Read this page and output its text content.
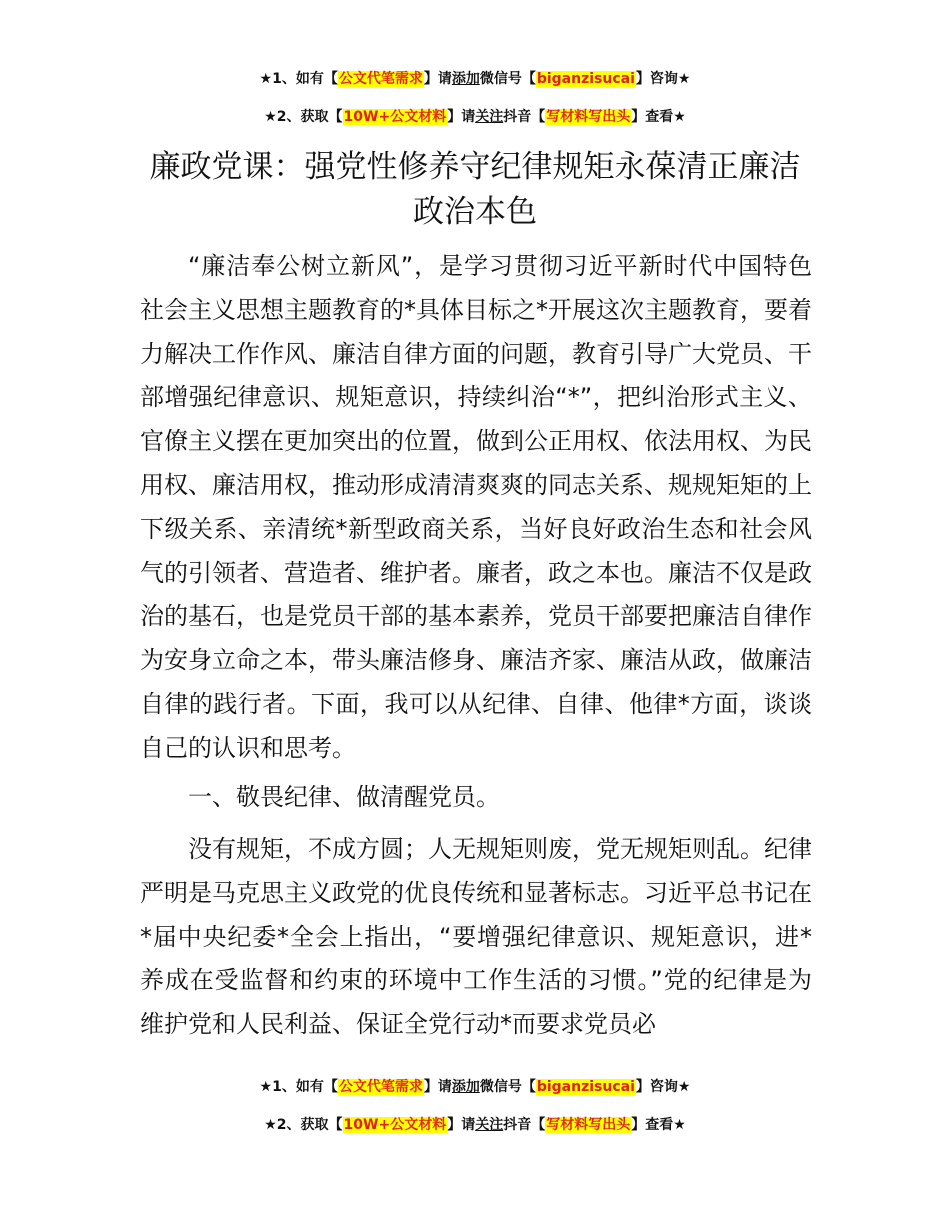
★1、如有【公文代笔需求】请添加微信号【biganzisucai】咨询★
★2、获取【10W+公文材料】请关注抖音【写材料写出头】查看★
廉政党课：强党性修养守纪律规矩永葆清正廉洁政治本色

“廉洁奉公树立新风”，是学习贯彻习近平新时代中国特色社会主义思想主题教育的*具体目标之*开展这次主题教育，要着力解决工作作风、廉洁自律方面的问题，教育引导广大党员、干部增强纪律意识、规矩意识，持续纠治“*”，把纠治形式主义、官僚主义摆在更加突出的位置，做到公正用权、依法用权、为民用权、廉洁用权，推动形成清清爽爽的同志关系、规规矩矩的上下级关系、亲清统*新型政商关系，当好良好政治生态和社会风气的引领者、营造者、维护者。廉者，政之本也。廉洁不仅是政治的基石，也是党员干部的基本素养，党员干部要把廉洁自律作为安身立命之本，带头廉洁修身、廉洁齐家、廉洁从政，做廉洁自律的践行者。下面，我可以从纪律、自律、他律*方面，谈谈自己的认识和思考。

一、敬畏纪律、做清醒党员。

没有规矩，不成方圆；人无规矩则废，党无规矩则乱。纪律严明是马克思主义政党的优良传统和显著标志。习近平总书记在*届中央纪委*全会上指出，“要增强纪律意识、规矩意识，进*养成在受监督和约束的环境中工作生活的习惯。”党的纪律是为维护党和人民利益、保证全党行动*而要求党员必

★1、如有【公文代笔需求】请添加微信号【biganzisucai】咨询★
★2、获取【10W+公文材料】请关注抖音【写材料写出头】查看★
